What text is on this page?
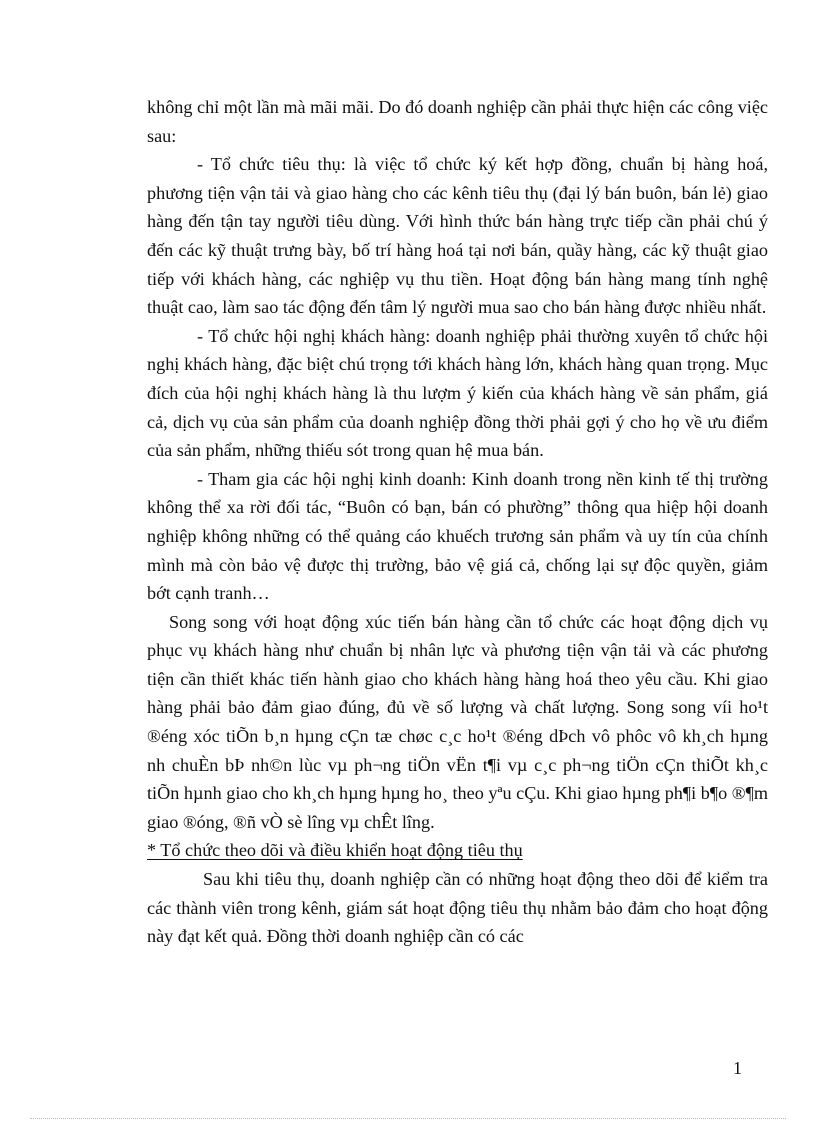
không chỉ một lần mà mãi mãi. Do đó doanh nghiệp cần phải thực hiện các công việc sau:

- Tổ chức tiêu thụ: là việc tổ chức ký kết hợp đồng, chuẩn bị hàng hoá, phương tiện vận tải và giao hàng cho các kênh tiêu thụ (đại lý bán buôn, bán lẻ) giao hàng đến tận tay người tiêu dùng. Với hình thức bán hàng trực tiếp cần phải chú ý đến các kỹ thuật trưng bày, bố trí hàng hoá tại nơi bán, quầy hàng, các kỹ thuật giao tiếp với khách hàng, các nghiệp vụ thu tiền. Hoạt động bán hàng mang tính nghệ thuật cao, làm sao tác động đến tâm lý người mua sao cho bán hàng được nhiều nhất.

- Tổ chức hội nghị khách hàng: doanh nghiệp phải thường xuyên tổ chức hội nghị khách hàng, đặc biệt chú trọng tới khách hàng lớn, khách hàng quan trọng. Mục đích của hội nghị khách hàng là thu lượm ý kiến của khách hàng về sản phẩm, giá cả, dịch vụ của sản phẩm của doanh nghiệp đồng thời phải gợi ý cho họ về ưu điểm của sản phẩm, những thiếu sót trong quan hệ mua bán.

- Tham gia các hội nghị kinh doanh: Kinh doanh trong nền kinh tế thị trường không thể xa rời đối tác, “Buôn có bạn, bán có phường” thông qua hiệp hội doanh nghiệp không những có thể quảng cáo khuếch trương sản phẩm và uy tín của chính mình mà còn bảo vệ được thị trường, bảo vệ giá cả, chống lại sự độc quyền, giảm bớt cạnh tranh…

Song song với hoạt động xúc tiến bán hàng cần tổ chức các hoạt động dịch vụ phục vụ khách hàng như chuẩn bị nhân lực và phương tiện vận tải và các phương tiện cần thiết khác tiến hành giao cho khách hàng hàng hoá theo yêu cầu. Khi giao hàng phải bảo đảm giao đúng, đủ về số lượng và chất lượng. Song song víi ho¹t ®éng xóc tiÕn b¸n hµng cÇn tæ chøc c¸c ho¹t ®éng dÞch vô phôc vô kh¸ch hµng nh chuÈn bÞ nh©n lùc vµ ph¬ng tiÖn vËn t¶i vµ c¸c ph¬ng tiÖn cÇn thiÕt kh¸c tiÕn hµnh giao cho kh¸ch hµng hµng ho¸ theo yªu cÇu. Khi giao hµng ph¶i b¶o ®¶m giao ®óng, ®ñ vÒ sè lîng vµ chÊt lîng.

* Tổ chức theo dõi và điều khiển hoạt động tiêu thụ

Sau khi tiêu thụ, doanh nghiệp cần có những hoạt động theo dõi để kiểm tra các thành viên trong kênh, giám sát hoạt động tiêu thụ nhằm bảo đảm cho hoạt động này đạt kết quả. Đồng thời doanh nghiệp cần có các

1
